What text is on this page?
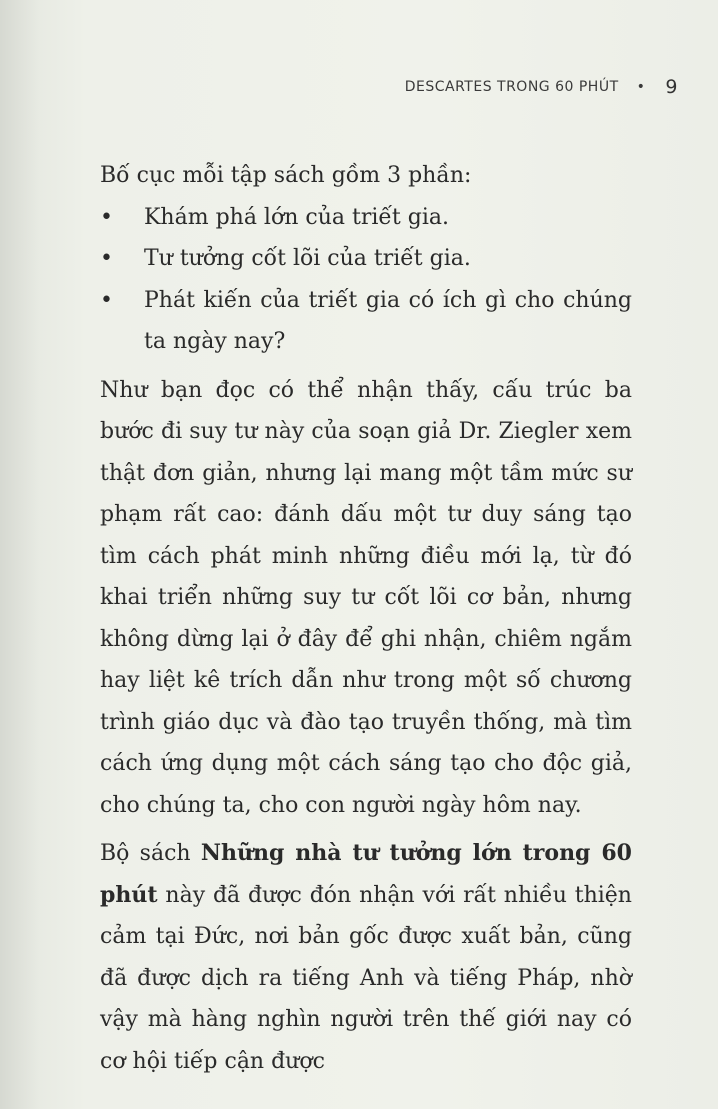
DESCARTES TRONG 60 PHÚT • 9

Bố cục mỗi tập sách gồm 3 phần:

• Khám phá lớn của triết gia.
• Tư tưởng cốt lõi của triết gia.
• Phát kiến của triết gia có ích gì cho chúng ta ngày nay?

Như bạn đọc có thể nhận thấy, cấu trúc ba bước đi suy tư này của soạn giả Dr. Ziegler xem thật đơn giản, nhưng lại mang một tầm mức sư phạm rất cao: đánh dấu một tư duy sáng tạo tìm cách phát minh những điều mới lạ, từ đó khai triển những suy tư cốt lõi cơ bản, nhưng không dừng lại ở đây để ghi nhận, chiêm ngắm hay liệt kê trích dẫn như trong một số chương trình giáo dục và đào tạo truyền thống, mà tìm cách ứng dụng một cách sáng tạo cho độc giả, cho chúng ta, cho con người ngày hôm nay.

Bộ sách Những nhà tư tưởng lớn trong 60 phút này đã được đón nhận với rất nhiều thiện cảm tại Đức, nơi bản gốc được xuất bản, cũng đã được dịch ra tiếng Anh và tiếng Pháp, nhờ vậy mà hàng nghìn người trên thế giới nay có cơ hội tiếp cận được
